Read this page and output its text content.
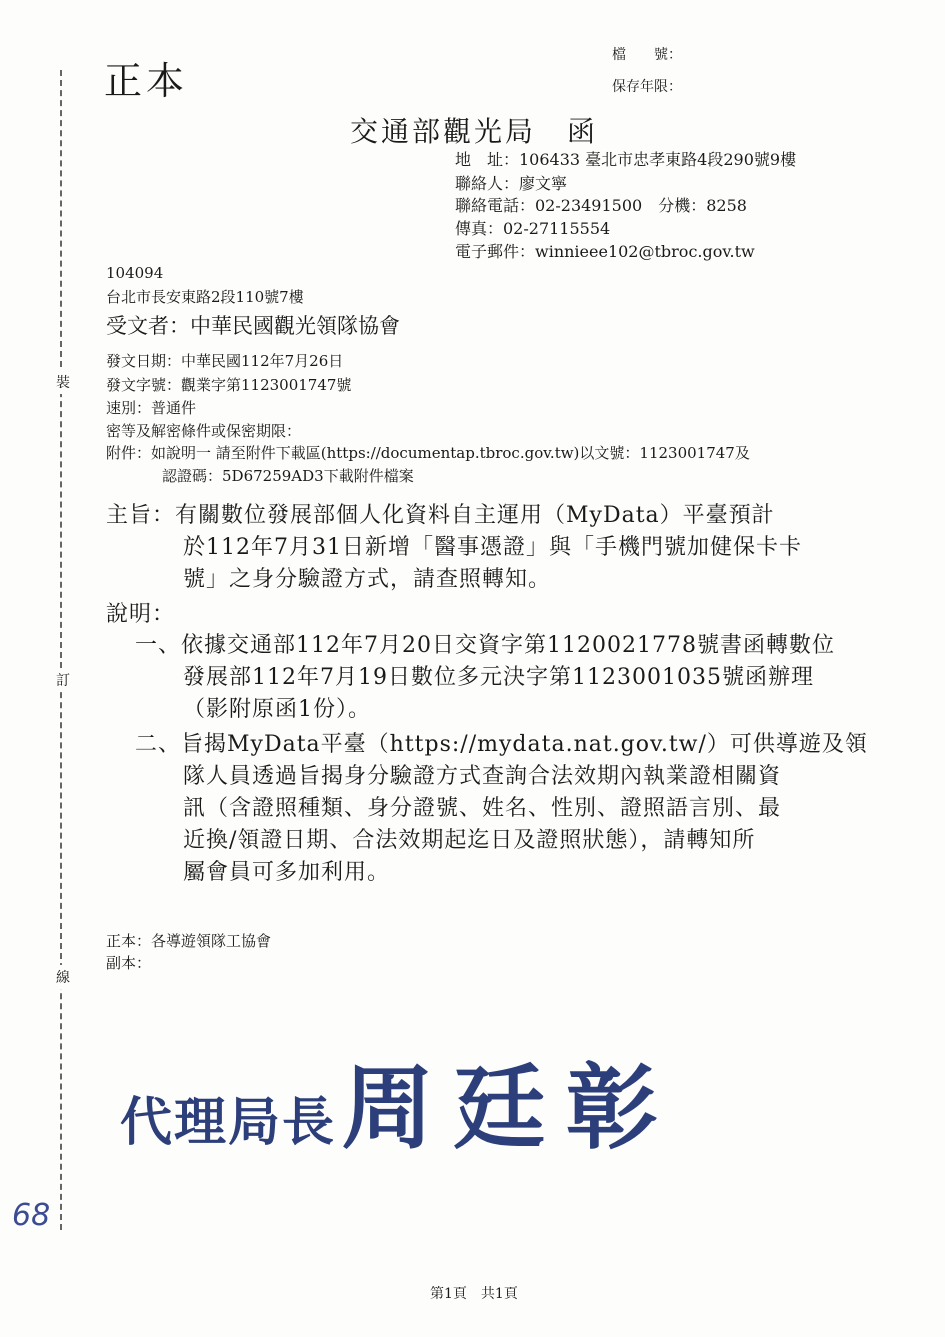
裝
訂
線
正本
檔　　號：
保存年限：
交通部觀光局　函
地　址：106433 臺北市忠孝東路4段290號9樓
聯絡人：廖文寧
聯絡電話：02-23491500　分機：8258
傳真：02-27115554
電子郵件：winnieee102@tbroc.gov.tw
104094
台北市長安東路2段110號7樓
受文者：中華民國觀光領隊協會
發文日期：中華民國112年7月26日
發文字號：觀業字第1123001747號
速別：普通件
密等及解密條件或保密期限：
附件：如說明一 請至附件下載區(https://documentap.tbroc.gov.tw)以文號：1123001747及
認證碼：5D67259AD3下載附件檔案
主旨：有關數位發展部個人化資料自主運用（MyData）平臺預計
於112年7月31日新增「醫事憑證」與「手機門號加健保卡卡
號」之身分驗證方式，請查照轉知。
說明：
一、依據交通部112年7月20日交資字第1120021778號書函轉數位
發展部112年7月19日數位多元決字第1123001035號函辦理
（影附原函1份）。
二、旨揭MyData平臺（https://mydata.nat.gov.tw/）可供導遊及領
隊人員透過旨揭身分驗證方式查詢合法效期內執業證相關資
訊（含證照種類、身分證號、姓名、性別、證照語言別、最
近換/領證日期、合法效期起迄日及證照狀態），請轉知所
屬會員可多加利用。
正本：各導遊領隊工協會
副本：
代理局長 周廷彰
68
第1頁　共1頁
